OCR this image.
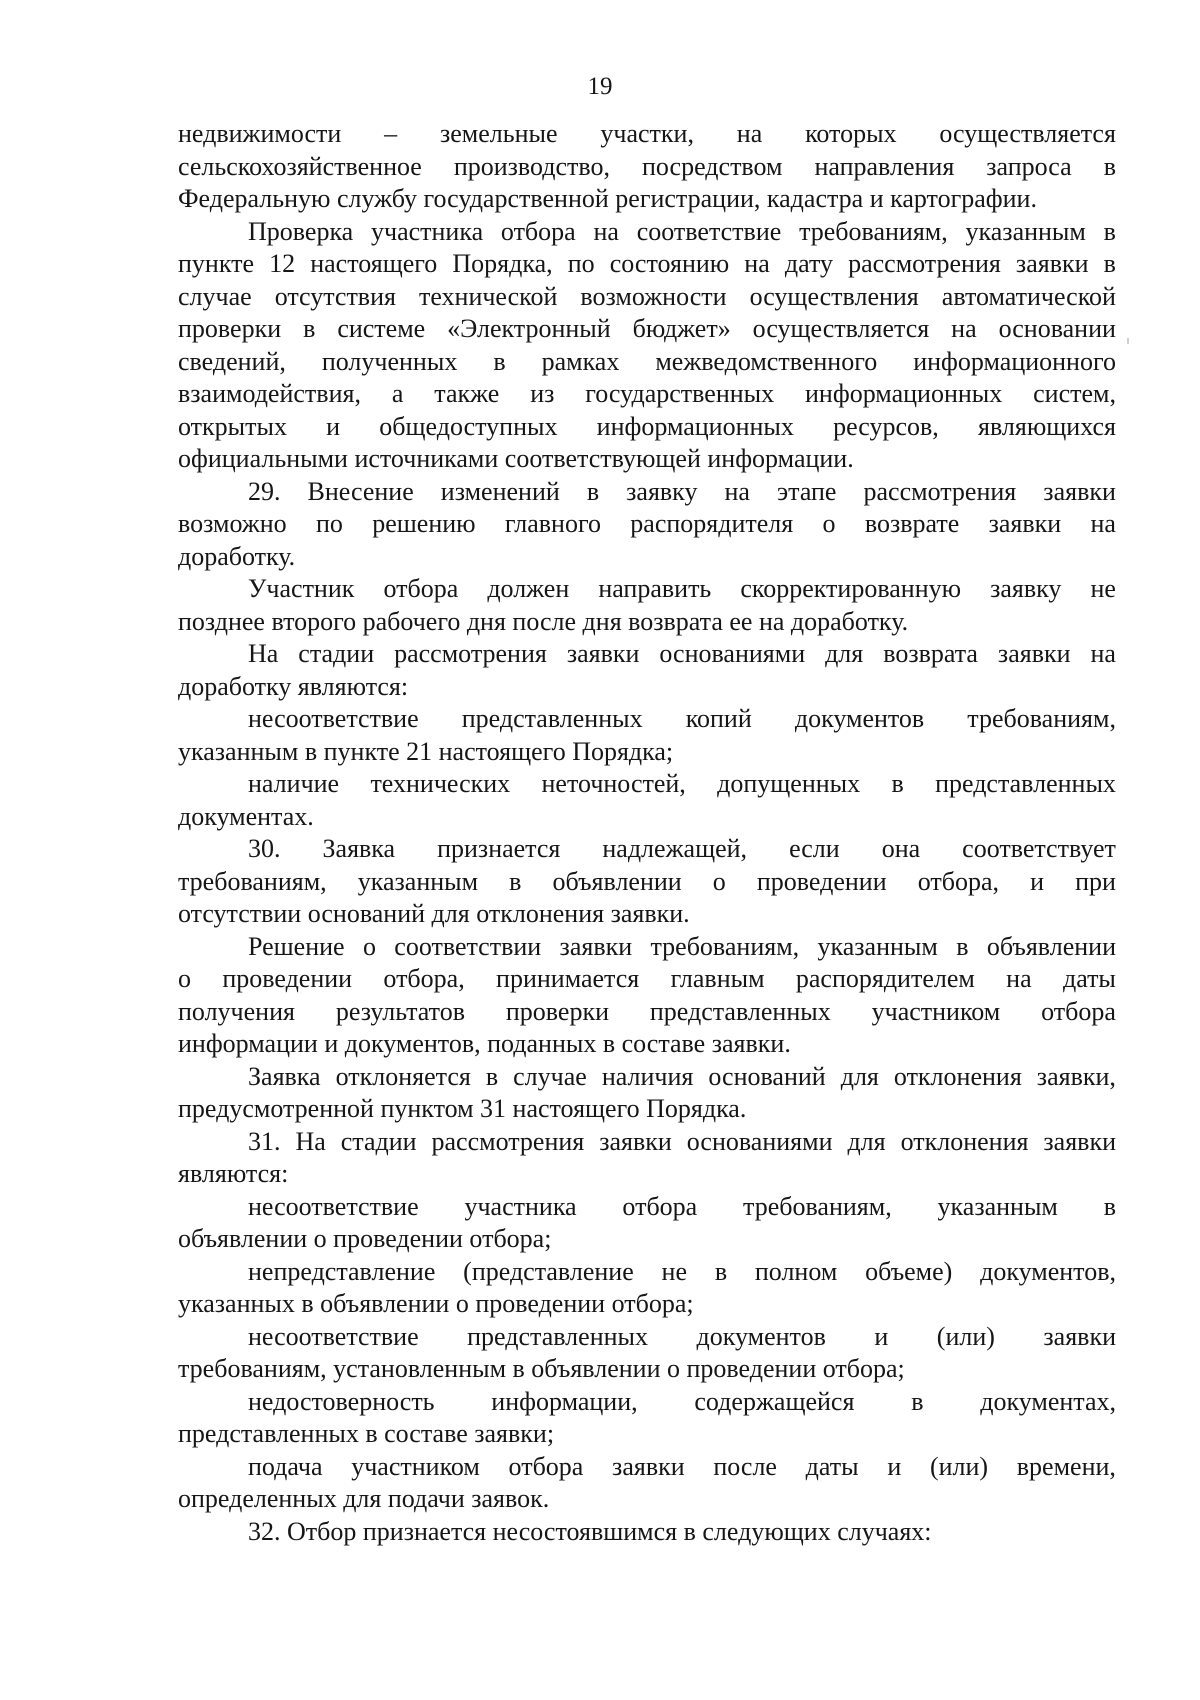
19
недвижимости – земельные участки, на которых осуществляется
сельскохозяйственное производство, посредством направления запроса в
Федеральную службу государственной регистрации, кадастра и картографии.
Проверка участника отбора на соответствие требованиям, указанным в
пункте 12 настоящего Порядка, по состоянию на дату рассмотрения заявки в
случае отсутствия технической возможности осуществления автоматической
проверки в системе «Электронный бюджет» осуществляется на основании
сведений, полученных в рамках межведомственного информационного
взаимодействия, а также из государственных информационных систем,
открытых и общедоступных информационных ресурсов, являющихся
официальными источниками соответствующей информации.
29. Внесение изменений в заявку на этапе рассмотрения заявки
возможно по решению главного распорядителя о возврате заявки на
доработку.
Участник отбора должен направить скорректированную заявку не
позднее второго рабочего дня после дня возврата ее на доработку.
На стадии рассмотрения заявки основаниями для возврата заявки на
доработку являются:
несоответствие представленных копий документов требованиям,
указанным в пункте 21 настоящего Порядка;
наличие технических неточностей, допущенных в представленных
документах.
30. Заявка признается надлежащей, если она соответствует
требованиям, указанным в объявлении о проведении отбора, и при
отсутствии оснований для отклонения заявки.
Решение о соответствии заявки требованиям, указанным в объявлении
о проведении отбора, принимается главным распорядителем на даты
получения результатов проверки представленных участником отбора
информации и документов, поданных в составе заявки.
Заявка отклоняется в случае наличия оснований для отклонения заявки,
предусмотренной пунктом 31 настоящего Порядка.
31. На стадии рассмотрения заявки основаниями для отклонения заявки
являются:
несоответствие участника отбора требованиям, указанным в
объявлении о проведении отбора;
непредставление (представление не в полном объеме) документов,
указанных в объявлении о проведении отбора;
несоответствие представленных документов и (или) заявки
требованиям, установленным в объявлении о проведении отбора;
недостоверность информации, содержащейся в документах,
представленных в составе заявки;
подача участником отбора заявки после даты и (или) времени,
определенных для подачи заявок.
32. Отбор признается несостоявшимся в следующих случаях:
